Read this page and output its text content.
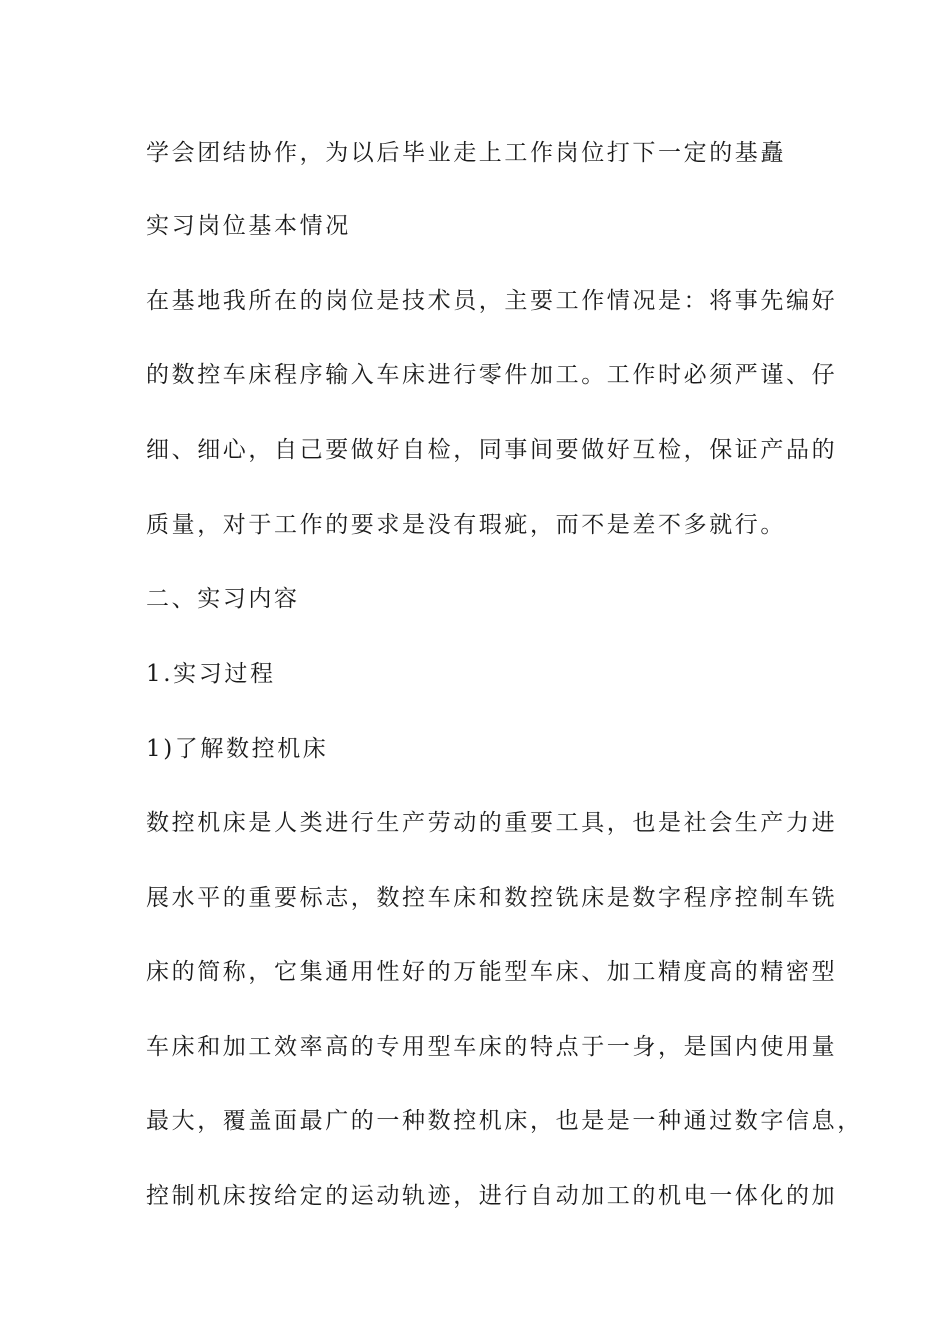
学会团结协作，为以后毕业走上工作岗位打下一定的基矗
实习岗位基本情况
在基地我所在的岗位是技术员，主要工作情况是：将事先编好
的数控车床程序输入车床进行零件加工。工作时必须严谨、仔
细、细心，自己要做好自检，同事间要做好互检，保证产品的
质量，对于工作的要求是没有瑕疵，而不是差不多就行。
二、实习内容
1.实习过程
1)了解数控机床
数控机床是人类进行生产劳动的重要工具，也是社会生产力进
展水平的重要标志，数控车床和数控铣床是数字程序控制车铣
床的简称，它集通用性好的万能型车床、加工精度高的精密型
车床和加工效率高的专用型车床的特点于一身，是国内使用量
最大，覆盖面最广的一种数控机床，也是是一种通过数字信息，
控制机床按给定的运动轨迹，进行自动加工的机电一体化的加
